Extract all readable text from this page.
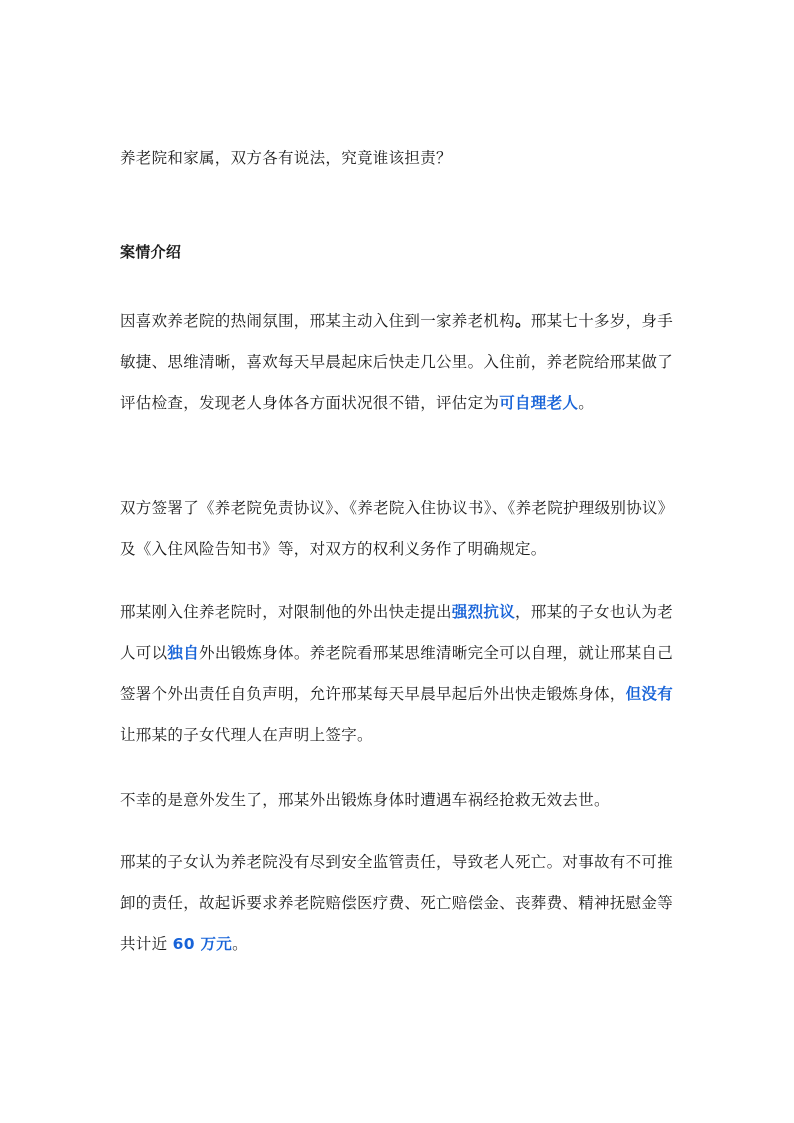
养老院和家属，双方各有说法，究竟谁该担责？

案情介绍

因喜欢养老院的热闹氛围，邢某主动入住到一家养老机构。邢某七十多岁，身手敏捷、思维清晰，喜欢每天早晨起床后快走几公里。入住前，养老院给邢某做了评估检查，发现老人身体各方面状况很不错，评估定为可自理老人。

双方签署了《养老院免责协议》、《养老院入住协议书》、《养老院护理级别协议》及《入住风险告知书》等，对双方的权利义务作了明确规定。

邢某刚入住养老院时，对限制他的外出快走提出强烈抗议，邢某的子女也认为老人可以独自外出锻炼身体。养老院看邢某思维清晰完全可以自理，就让邢某自己签署个外出责任自负声明，允许邢某每天早晨早起后外出快走锻炼身体，但没有让邢某的子女代理人在声明上签字。

不幸的是意外发生了，邢某外出锻炼身体时遭遇车祸经抢救无效去世。

邢某的子女认为养老院没有尽到安全监管责任，导致老人死亡。对事故有不可推卸的责任，故起诉要求养老院赔偿医疗费、死亡赔偿金、丧葬费、精神抚慰金等共计近 60 万元。
